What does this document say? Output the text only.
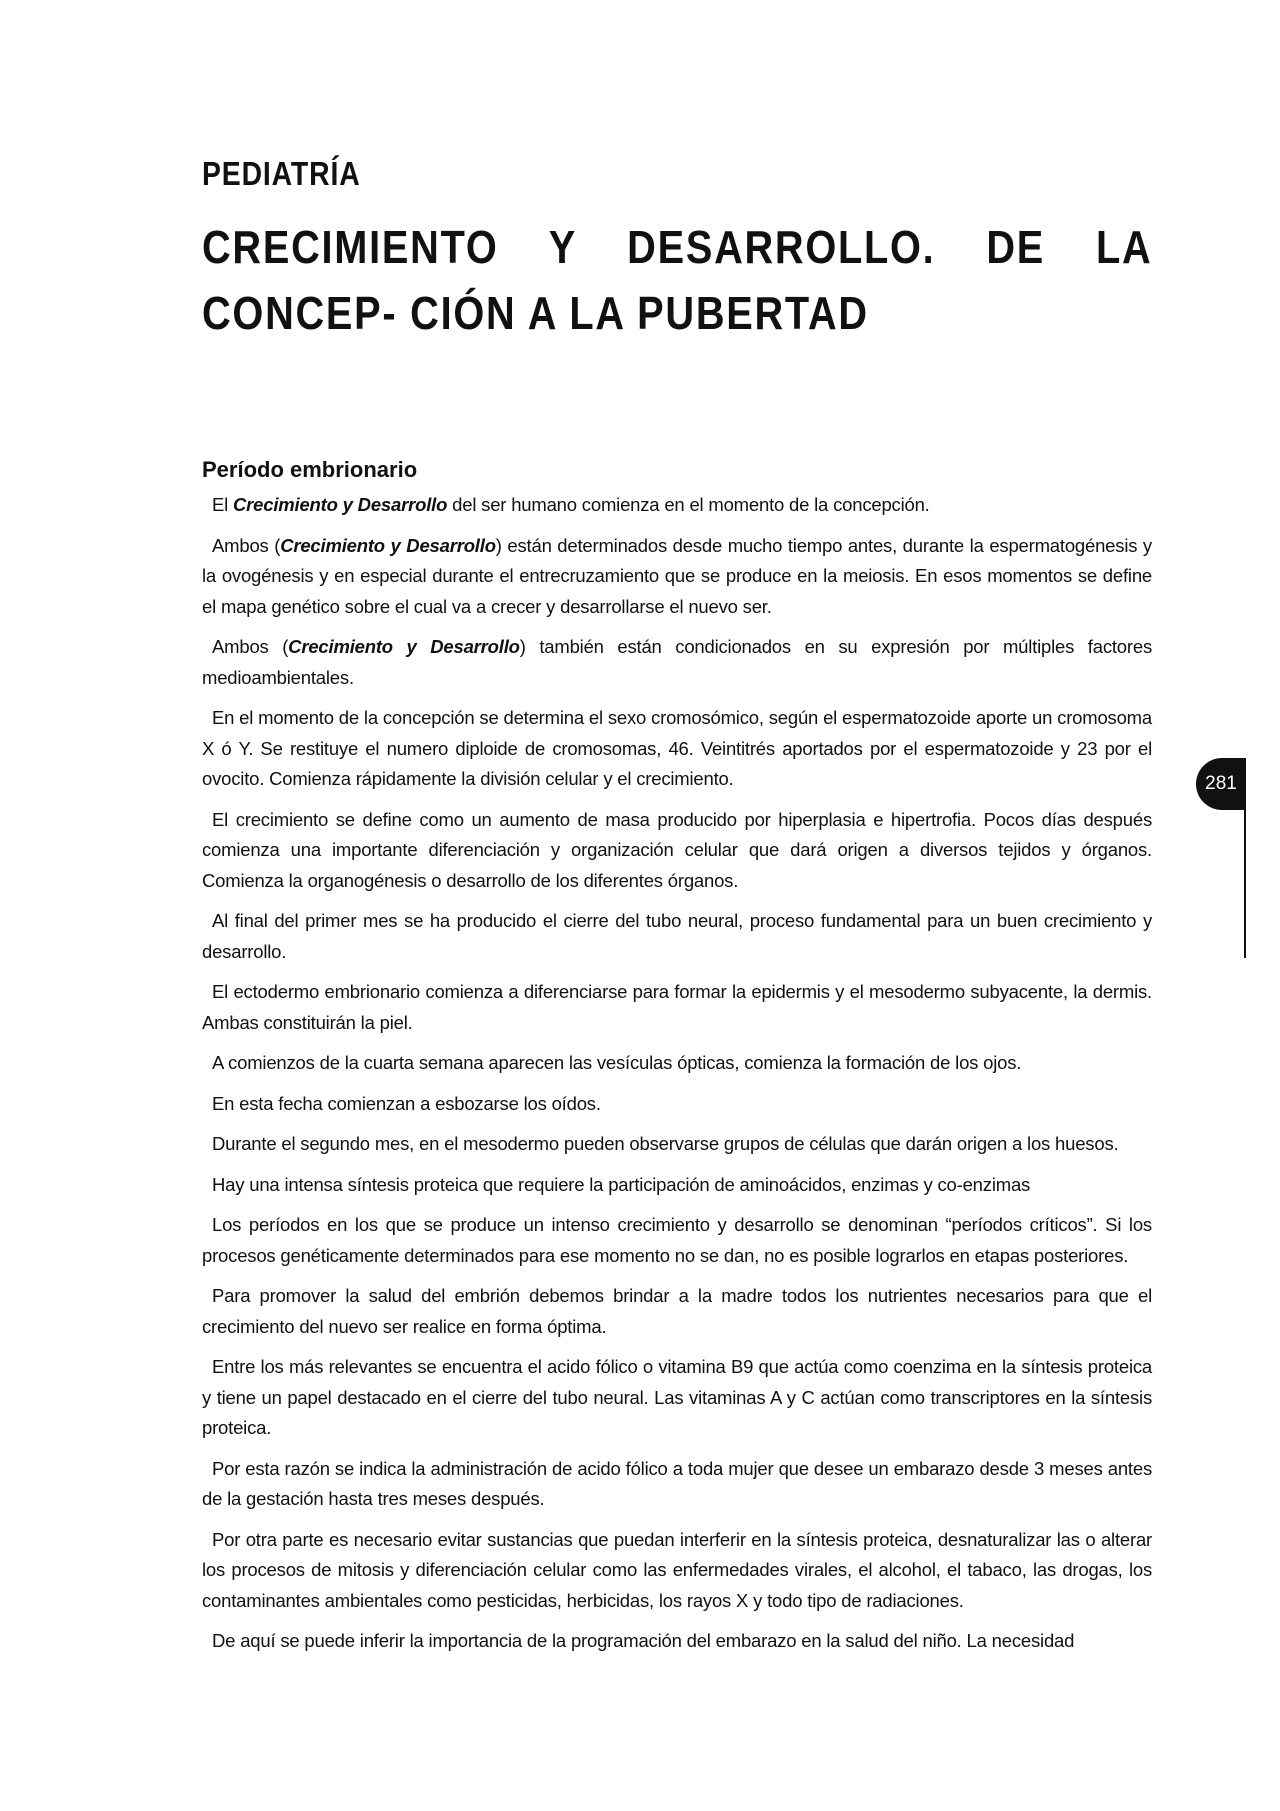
PEDIATRÍA
CRECIMIENTO Y DESARROLLO. DE LA CONCEP- CIÓN A LA PUBERTAD
Período embrionario

El Crecimiento y Desarrollo del ser humano comienza en el momento de la concepción.

Ambos (Crecimiento y Desarrollo) están determinados desde mucho tiempo antes, durante la espermatogénesis y la ovogénesis y en especial durante el entrecruzamiento que se produce en la meiosis. En esos momentos se define el mapa genético sobre el cual va a crecer y desarrollarse el nuevo ser.

Ambos (Crecimiento y Desarrollo) también están condicionados en su expresión por múltiples factores medioambientales.

En el momento de la concepción se determina el sexo cromosómico, según el espermatozoide aporte un cromosoma X ó Y. Se restituye el numero diploide de cromosomas, 46. Veintitrés aportados por el espermatozoide y 23 por el ovocito. Comienza rápidamente la división celular y el crecimiento.

El crecimiento se define como un aumento de masa producido por hiperplasia e hipertrofia. Pocos días después comienza una importante diferenciación y organización celular que dará origen a diversos tejidos y órganos. Comienza la organogénesis o desarrollo de los diferentes órganos.

Al final del primer mes se ha producido el cierre del tubo neural, proceso fundamental para un buen crecimiento y desarrollo.

El ectodermo embrionario comienza a diferenciarse para formar la epidermis y el mesodermo subyacente, la dermis. Ambas constituirán la piel.

A comienzos de la cuarta semana aparecen las vesículas ópticas, comienza la formación de los ojos.

En esta fecha comienzan a esbozarse los oídos.

Durante el segundo mes, en el mesodermo pueden observarse grupos de células que darán origen a los huesos.

Hay una intensa síntesis proteica que requiere la participación de aminoácidos, enzimas y co-enzimas

Los períodos en los que se produce un intenso crecimiento y desarrollo se denominan “períodos críticos”. Si los procesos genéticamente determinados para ese momento no se dan, no es posible lograrlos en etapas posteriores.

Para promover la salud del embrión debemos brindar a la madre todos los nutrientes necesarios para que el crecimiento del nuevo ser realice en forma óptima.

Entre los más relevantes se encuentra el acido fólico o vitamina B9 que actúa como coenzima en la síntesis proteica y tiene un papel destacado en el cierre del tubo neural. Las vitaminas A y C actúan como transcriptores en la síntesis proteica.

Por esta razón se indica la administración de acido fólico a toda mujer que desee un embarazo desde 3 meses antes de la gestación hasta tres meses después.

Por otra parte es necesario evitar sustancias que puedan interferir en la síntesis proteica, desnaturalizar las o alterar los procesos de mitosis y diferenciación celular como las enfermedades virales, el alcohol, el tabaco, las drogas, los contaminantes ambientales como pesticidas, herbicidas, los rayos X y todo tipo de radiaciones.

De aquí se puede inferir la importancia de la programación del embarazo en la salud del niño. La necesidad

281
